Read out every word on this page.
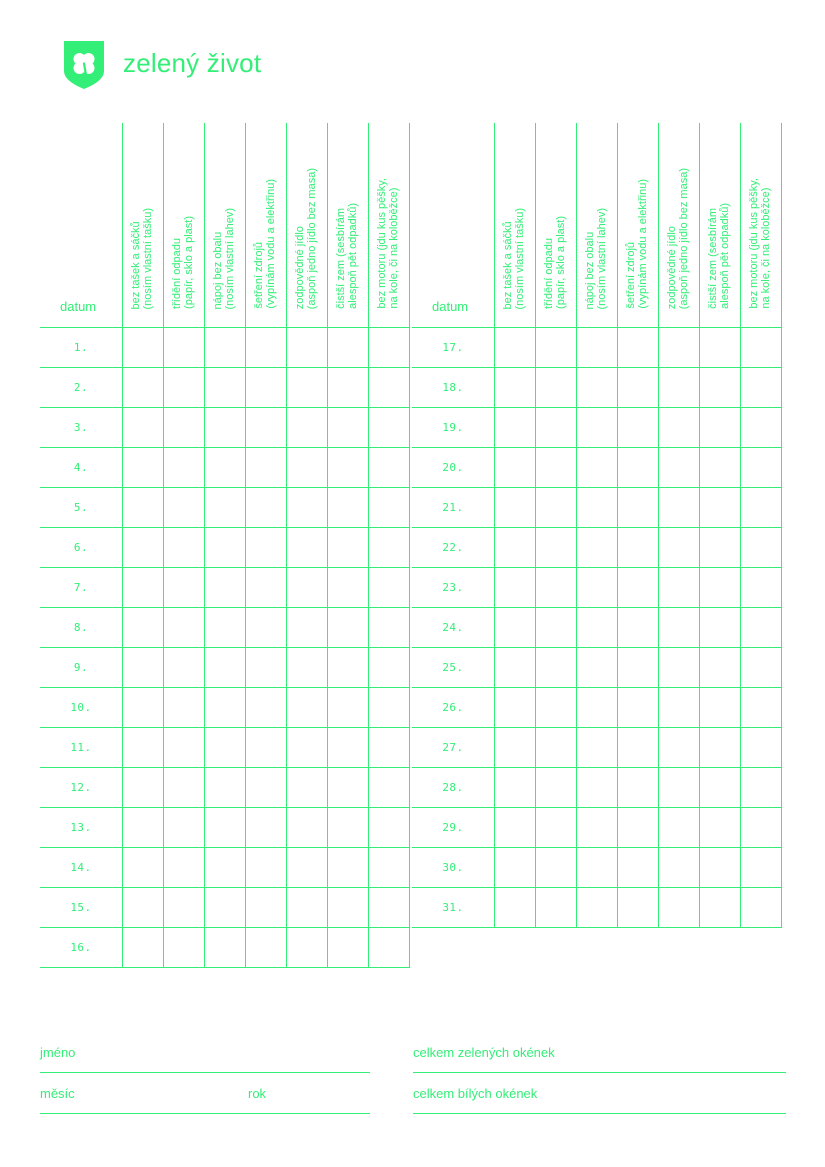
zelený život
datum	bez tašek a sáčků
(nosím vlastní tašku)	třídění odpadu
(papír, sklo a plast)	nápoj bez obalu
(nosím vlastní lahev)	šetření zdrojů
(vypínám vodu a elektřinu)	zodpovědné jídlo
(aspoň jedno jídlo bez masa)	čistší zem (sesbírám
alespoň pět odpadků)	bez motoru (jdu kus pěšky,
na kole, či na koloběžce)

1.							
2.							
3.							
4.							
5.							
6.							
7.							
8.							
9.							
10.							
11.							
12.							
13.							
14.							
15.							
16.							
datum	bez tašek a sáčků
(nosím vlastní tašku)	třídění odpadu
(papír, sklo a plast)	nápoj bez obalu
(nosím vlastní lahev)	šetření zdrojů
(vypínám vodu a elektřinu)	zodpovědné jídlo
(aspoň jedno jídlo bez masa)	čistší zem (sesbírám
alespoň pět odpadků)	bez motoru (jdu kus pěšky,
na kole, či na koloběžce)

17.							
18.							
19.							
20.							
21.							
22.							
23.							
24.							
25.							
26.							
27.							
28.							
29.							
30.							
31.							
jméno
měsíc	rok
celkem zelených okének
celkem bílých okének
